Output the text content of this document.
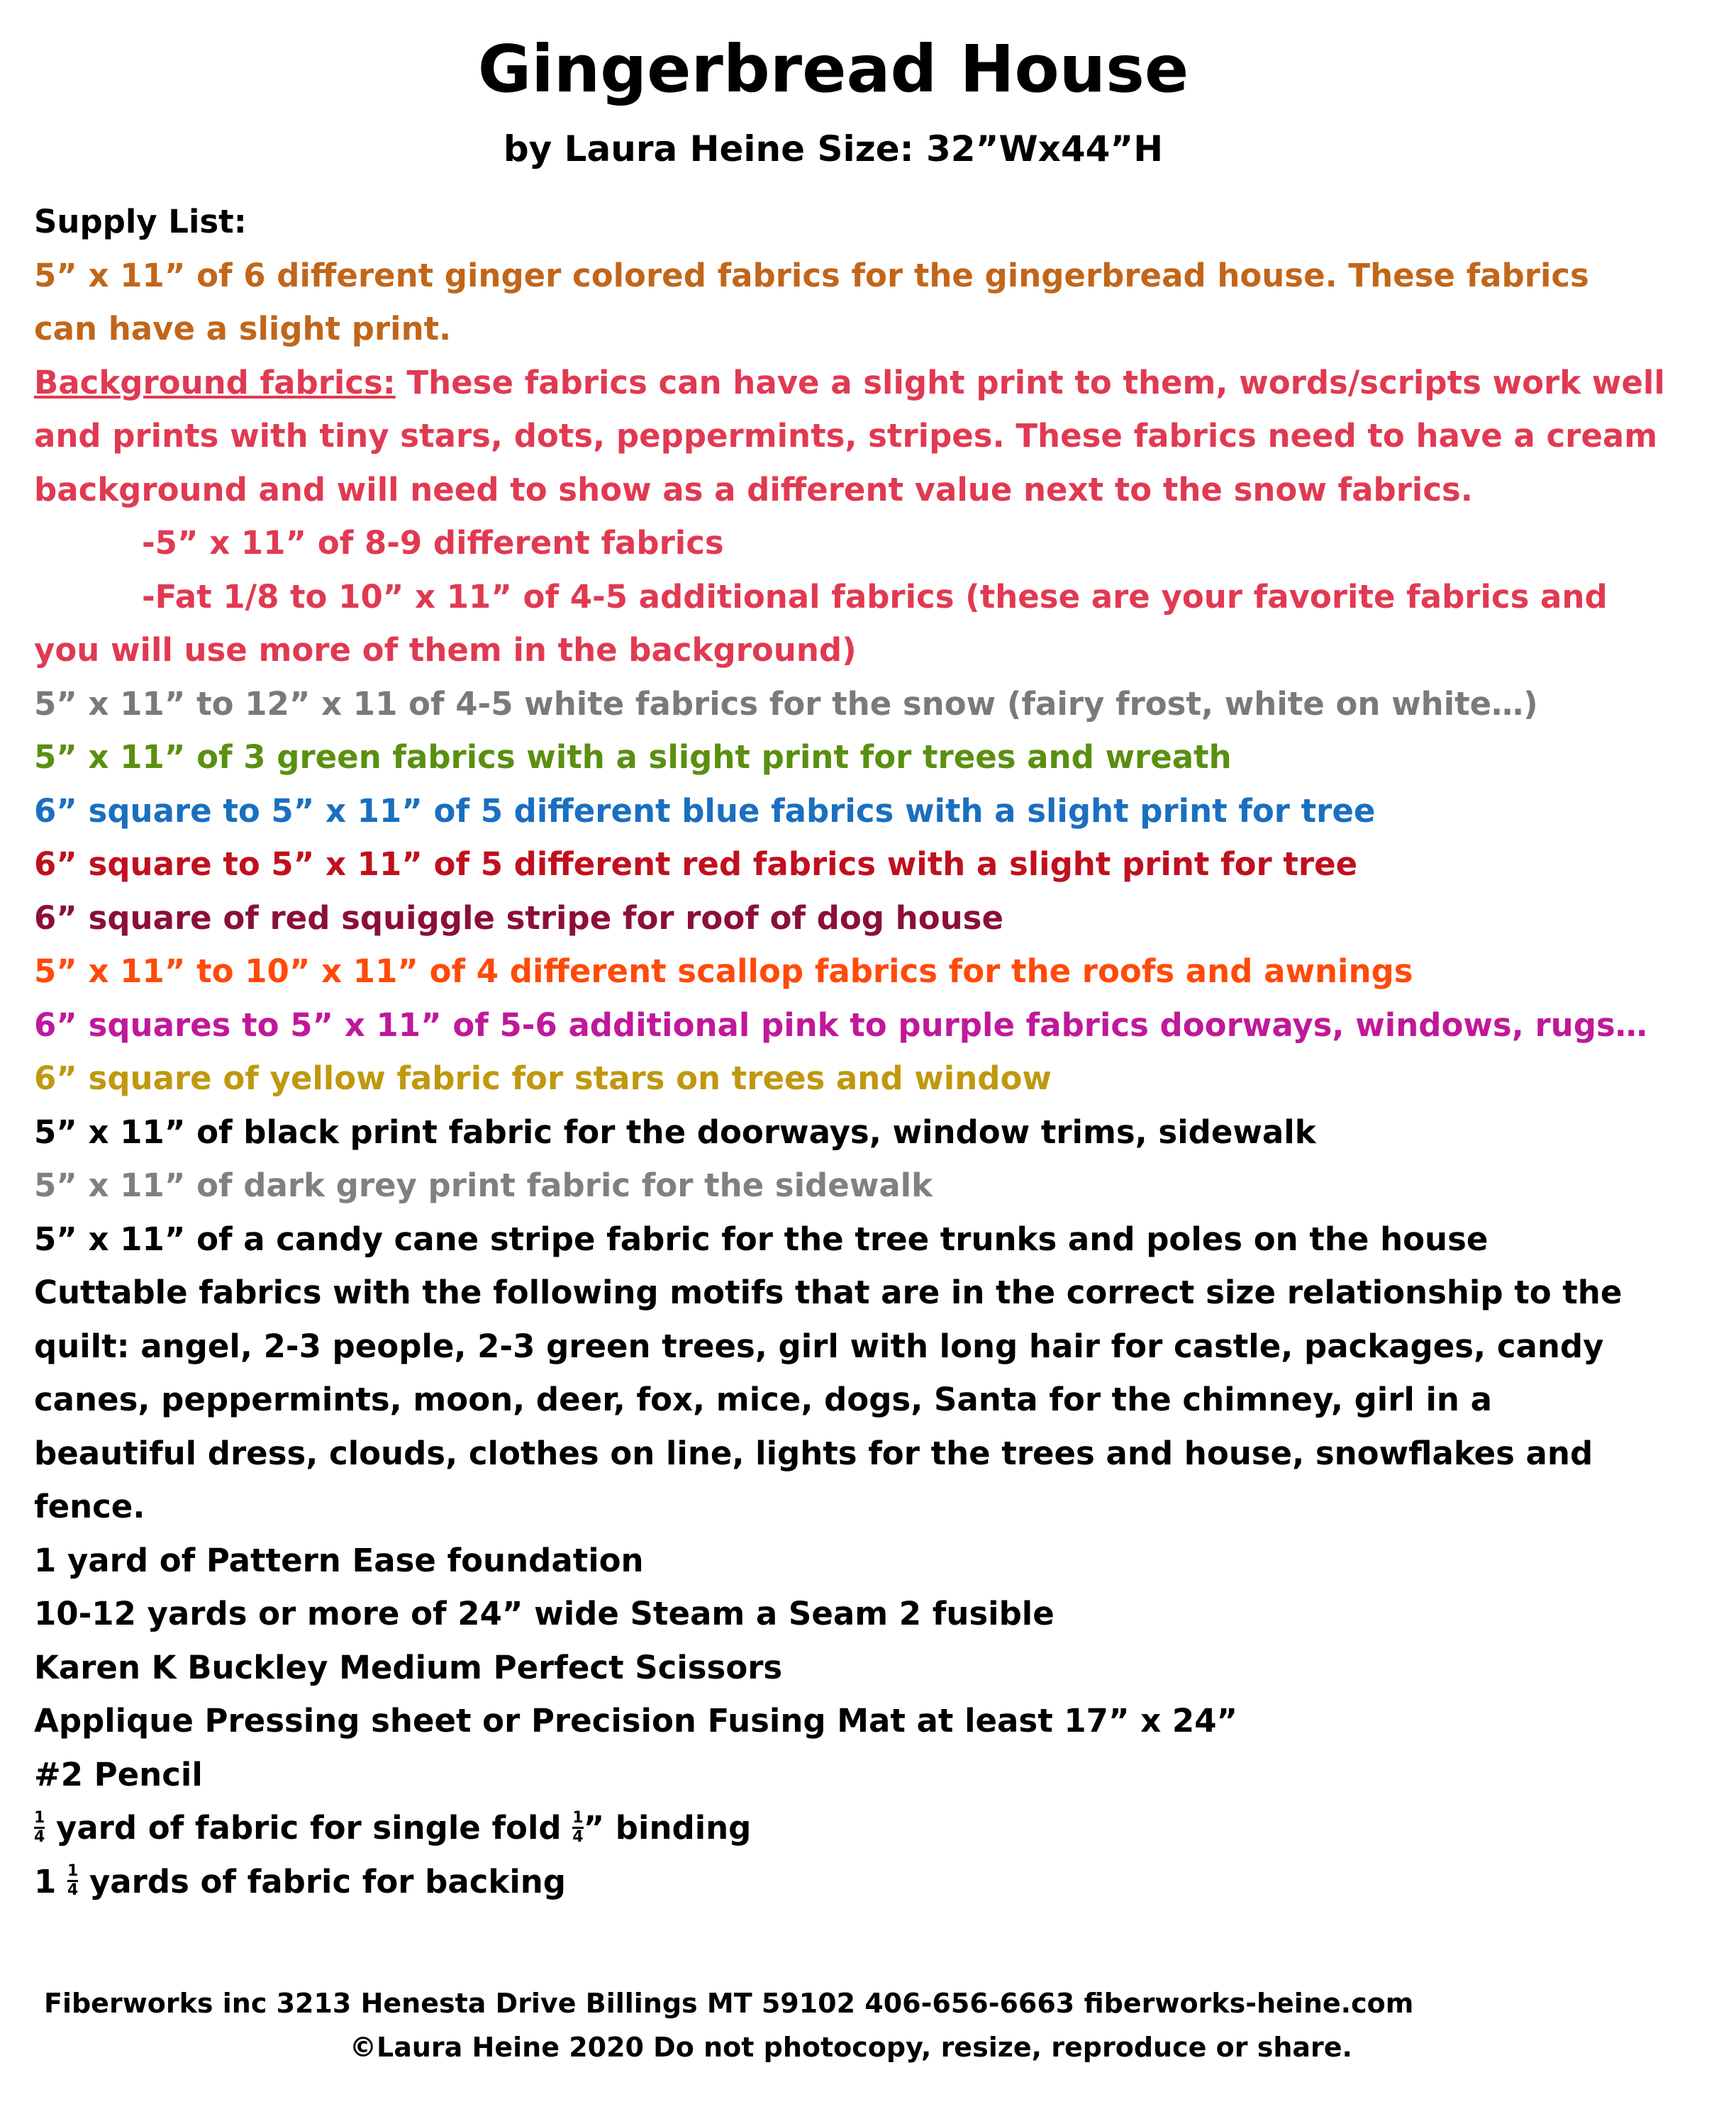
Gingerbread House
by Laura Heine Size: 32”Wx44”H
Supply List:
5” x 11” of 6 different ginger colored fabrics for the gingerbread house. These fabrics
can have a slight print.
Background fabrics: These fabrics can have a slight print to them, words/scripts work well
and prints with tiny stars, dots, peppermints, stripes. These fabrics need to have a cream
background and will need to show as a different value next to the snow fabrics.
-5” x 11” of 8-9 different fabrics
-Fat 1/8 to 10” x 11” of 4-5 additional fabrics (these are your favorite fabrics and
you will use more of them in the background)
5” x 11” to 12” x 11 of 4-5 white fabrics for the snow (fairy frost, white on white…)
5” x 11” of 3 green fabrics with a slight print for trees and wreath
6” square to 5” x 11” of 5 different blue fabrics with a slight print for tree
6” square to 5” x 11” of 5 different red fabrics with a slight print for tree
6” square of red squiggle stripe for roof of dog house
5” x 11” to 10” x 11” of 4 different scallop fabrics for the roofs and awnings
6” squares to 5” x 11” of 5-6 additional pink to purple fabrics doorways, windows, rugs…
6” square of yellow fabric for stars on trees and window
5” x 11” of black print fabric for the doorways, window trims, sidewalk
5” x 11” of dark grey print fabric for the sidewalk
5” x 11” of a candy cane stripe fabric for the tree trunks and poles on the house
Cuttable fabrics with the following motifs that are in the correct size relationship to the
quilt: angel, 2-3 people, 2-3 green trees, girl with long hair for castle, packages, candy
canes, peppermints, moon, deer, fox, mice, dogs, Santa for the chimney, girl in a
beautiful dress, clouds, clothes on line, lights for the trees and house, snowflakes and
fence.
1 yard of Pattern Ease foundation
10-12 yards or more of 24” wide Steam a Seam 2 fusible
Karen K Buckley Medium Perfect Scissors
Applique Pressing sheet or Precision Fusing Mat at least 17” x 24”
#2 Pencil
$\frac{1}{4}$ yard of fabric for single fold $\frac{1}{4}$ ” binding
$1 \frac{1}{4}$ yards of fabric for backing
Fiberworks inc 3213 Henesta Drive Billings MT 59102 406-656-6663 fiberworks-heine.com
©Laura Heine 2020 Do not photocopy, resize, reproduce or share.
